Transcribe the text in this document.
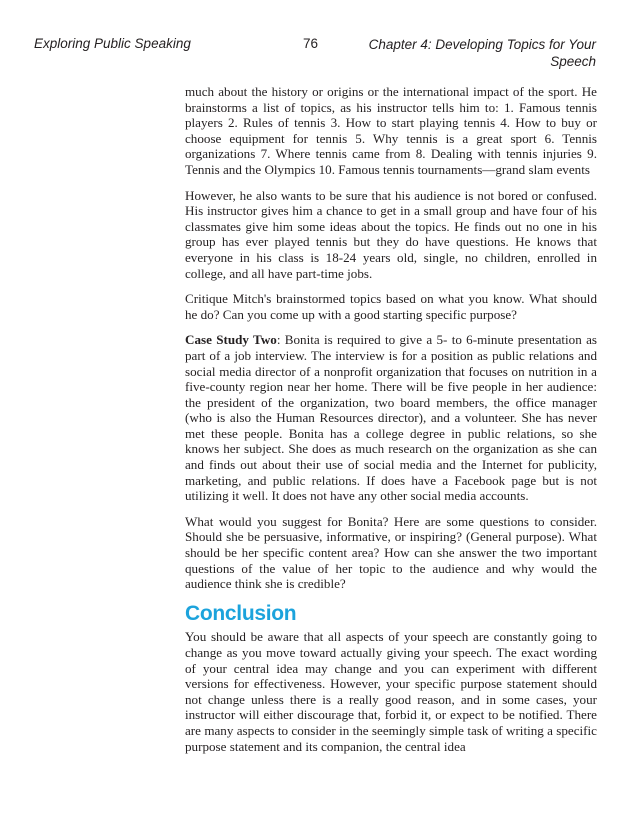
Exploring Public Speaking	76	Chapter 4: Developing Topics for Your Speech

much about the history or origins or the international impact of the sport. He brainstorms a list of topics, as his instructor tells him to: 1. Famous tennis players 2. Rules of tennis 3. How to start playing tennis 4. How to buy or choose equipment for tennis 5. Why tennis is a great sport 6. Tennis organizations 7. Where tennis came from 8. Dealing with tennis injuries 9. Tennis and the Olympics 10. Famous tennis tournaments—grand slam events

However, he also wants to be sure that his audience is not bored or confused. His instructor gives him a chance to get in a small group and have four of his classmates give him some ideas about the topics. He finds out no one in his group has ever played tennis but they do have questions. He knows that everyone in his class is 18-24 years old, single, no children, enrolled in college, and all have part-time jobs.

Critique Mitch's brainstormed topics based on what you know. What should he do? Can you come up with a good starting specific purpose?

Case Study Two: Bonita is required to give a 5- to 6-minute presentation as part of a job interview. The interview is for a position as public relations and social media director of a nonprofit organization that focuses on nutrition in a five-county region near her home. There will be five people in her audience: the president of the organization, two board members, the office manager (who is also the Human Resources director), and a volunteer. She has never met these people. Bonita has a college degree in public relations, so she knows her subject. She does as much research on the organization as she can and finds out about their use of social media and the Internet for publicity, marketing, and public relations. If does have a Facebook page but is not utilizing it well. It does not have any other social media accounts.

What would you suggest for Bonita? Here are some questions to consider. Should she be persuasive, informative, or inspiring? (General purpose). What should be her specific content area? How can she answer the two important questions of the value of her topic to the audience and why would the audience think she is credible?

Conclusion

You should be aware that all aspects of your speech are constantly going to change as you move toward actually giving your speech. The exact wording of your central idea may change and you can experiment with different versions for effectiveness. However, your specific purpose statement should not change unless there is a really good reason, and in some cases, your instructor will either discourage that, forbid it, or expect to be notified. There are many aspects to consider in the seemingly simple task of writing a specific purpose statement and its companion, the central idea
